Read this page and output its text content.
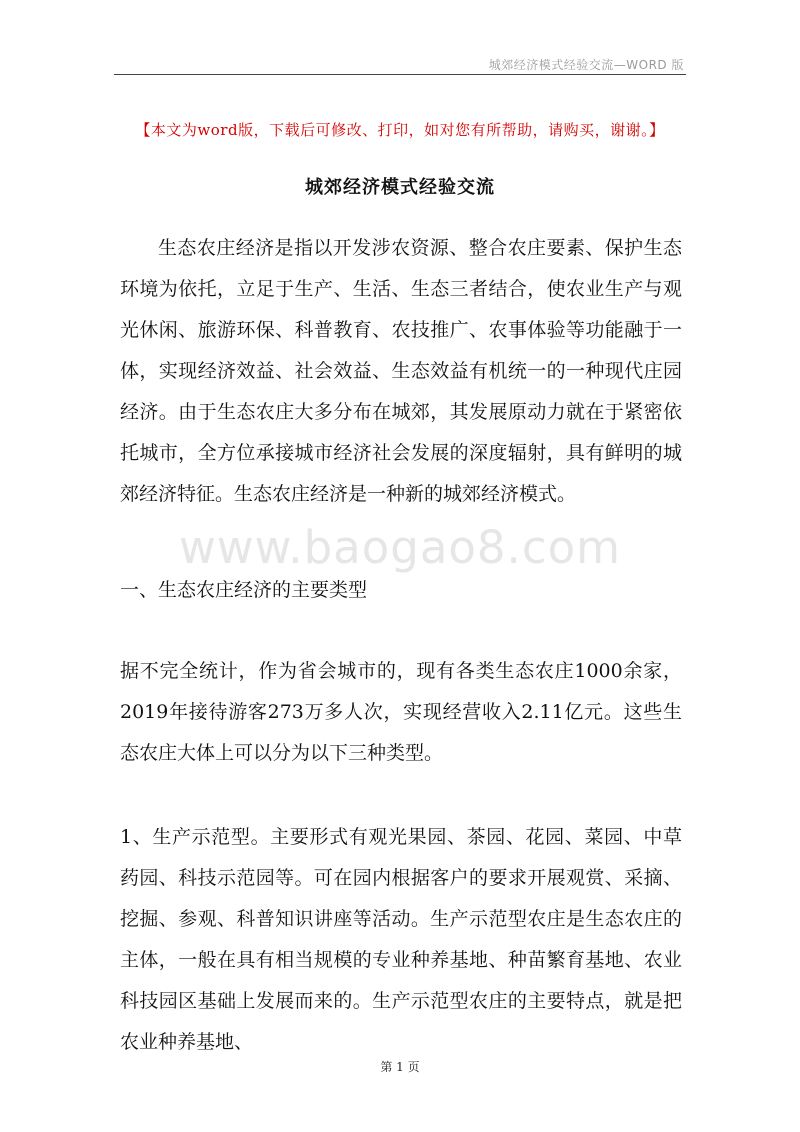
城郊经济模式经验交流—WORD 版
【本文为word版，下载后可修改、打印，如对您有所帮助，请购买，谢谢。】
城郊经济模式经验交流

生态农庄经济是指以开发涉农资源、整合农庄要素、保护生态环境为依托，立足于生产、生活、生态三者结合，使农业生产与观光休闲、旅游环保、科普教育、农技推广、农事体验等功能融于一体，实现经济效益、社会效益、生态效益有机统一的一种现代庄园经济。由于生态农庄大多分布在城郊，其发展原动力就在于紧密依托城市，全方位承接城市经济社会发展的深度辐射，具有鲜明的城郊经济特征。生态农庄经济是一种新的城郊经济模式。

www.baogao8.com

一、生态农庄经济的主要类型

据不完全统计，作为省会城市的，现有各类生态农庄1000余家，2019年接待游客273万多人次，实现经营收入2.11亿元。这些生态农庄大体上可以分为以下三种类型。

1、生产示范型。主要形式有观光果园、茶园、花园、菜园、中草药园、科技示范园等。可在园内根据客户的要求开展观赏、采摘、挖掘、参观、科普知识讲座等活动。生产示范型农庄是生态农庄的主体，一般在具有相当规模的专业种养基地、种苗繁育基地、农业科技园区基础上发展而来的。生产示范型农庄的主要特点，就是把农业种养基地、

第 1 页
